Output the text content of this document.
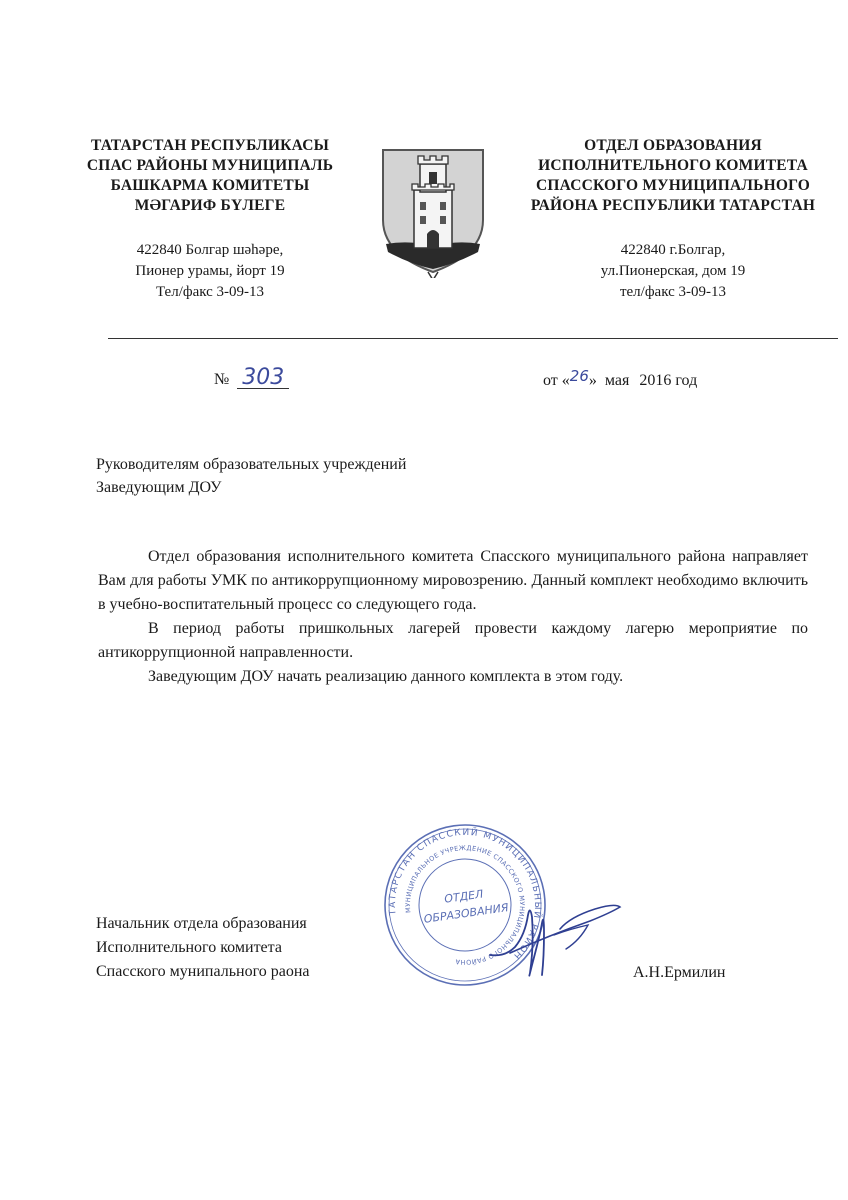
ТАТАРСТАН РЕСПУБЛИКАСЫ
СПАС РАЙОНЫ МУНИЦИПАЛЬ
БАШКАРМА КОМИТЕТЫ
МӘГАРИФ БҮЛЕГЕ
422840 Болгар шәһәре,
Пионер урамы, йорт 19
Тел/факс 3-09-13
ОТДЕЛ ОБРАЗОВАНИЯ
ИСПОЛНИТЕЛЬНОГО КОМИТЕТА
СПАССКОГО МУНИЦИПАЛЬНОГО
РАЙОНА РЕСПУБЛИКИ ТАТАРСТАН
422840 г.Болгар,
ул.Пионерская, дом 19
тел/факс 3-09-13
№ 303	от «26» мая 2016 год
Руководителям образовательных учреждений
Заведующим ДОУ

Отдел образования исполнительного комитета Спасского муниципального района направляет Вам для работы УМК по антикоррупционному мировозрению. Данный комплект необходимо включить в учебно-воспитательный процесс со следующего года.

В период работы пришкольных лагерей провести каждому лагерю мероприятие по антикоррупционной направленности.

Заведующим ДОУ начать реализацию данного комплекта в этом году.

Начальник отдела образования
Исполнительного комитета
Спасского мунипального раона	А.Н.Ермилин
ТАТАРСТАН СПАССКИЙ МУНИЦИПАЛЬНЫЙ РАЙОН
МУНИЦИПАЛЬНОЕ УЧРЕЖДЕНИЕ СПАССКОГО МУНИЦИПАЛЬНОГО РАЙОНА
ОТДЕЛ
ОБРАЗОВАНИЯ
